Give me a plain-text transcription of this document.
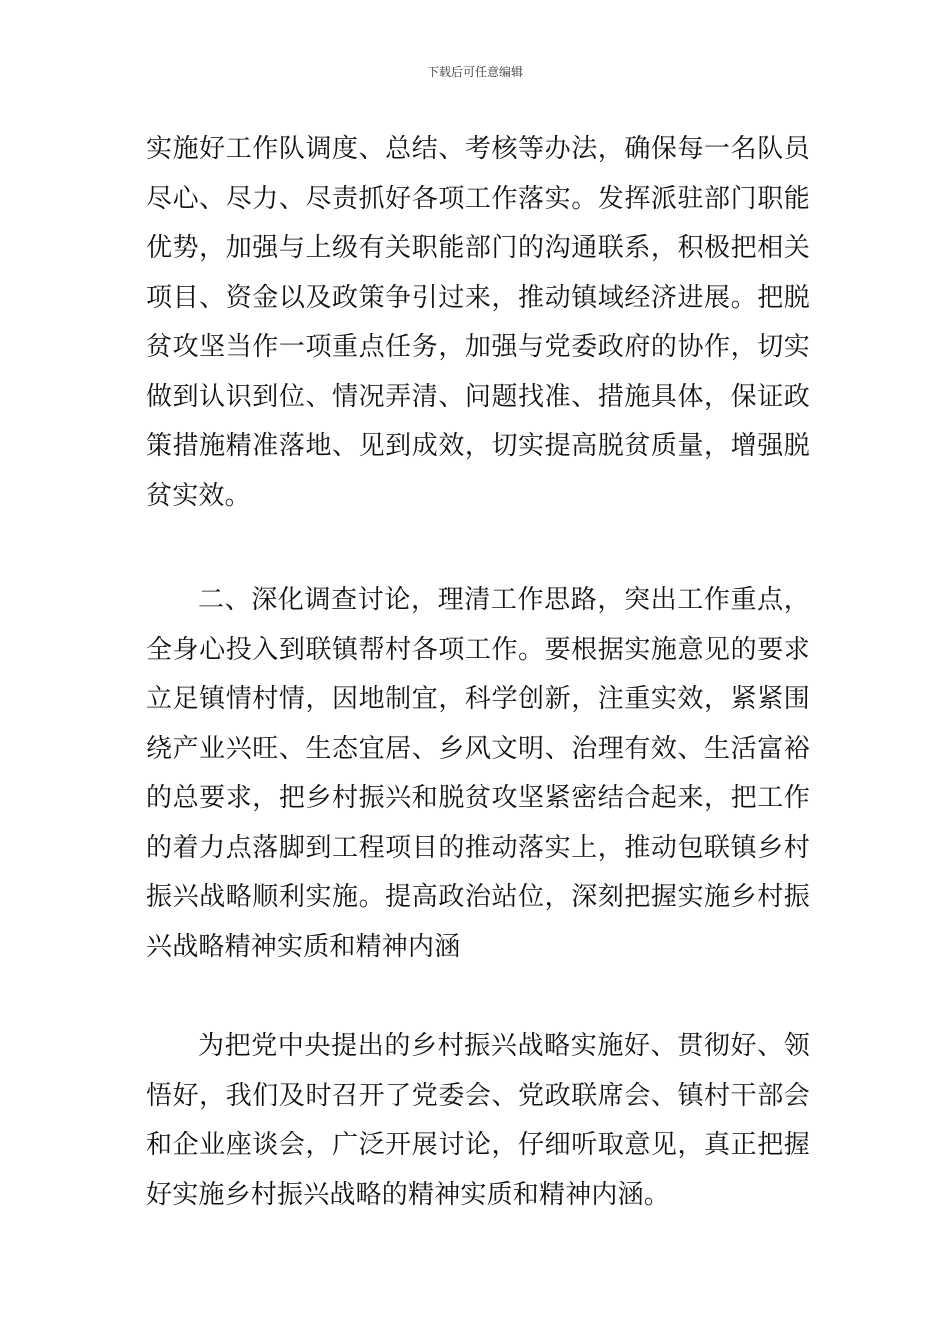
下载后可任意编辑

实施好工作队调度、总结、考核等办法，确保每一名队员尽心、尽力、尽责抓好各项工作落实。发挥派驻部门职能优势，加强与上级有关职能部门的沟通联系，积极把相关项目、资金以及政策争引过来，推动镇域经济进展。把脱贫攻坚当作一项重点任务，加强与党委政府的协作，切实做到认识到位、情况弄清、问题找准、措施具体，保证政策措施精准落地、见到成效，切实提高脱贫质量，增强脱贫实效。

二、深化调查讨论，理清工作思路，突出工作重点，全身心投入到联镇帮村各项工作。要根据实施意见的要求立足镇情村情，因地制宜，科学创新，注重实效，紧紧围绕产业兴旺、生态宜居、乡风文明、治理有效、生活富裕的总要求，把乡村振兴和脱贫攻坚紧密结合起来，把工作的着力点落脚到工程项目的推动落实上，推动包联镇乡村振兴战略顺利实施。提高政治站位，深刻把握实施乡村振兴战略精神实质和精神内涵

为把党中央提出的乡村振兴战略实施好、贯彻好、领悟好，我们及时召开了党委会、党政联席会、镇村干部会和企业座谈会，广泛开展讨论，仔细听取意见，真正把握好实施乡村振兴战略的精神实质和精神内涵。
